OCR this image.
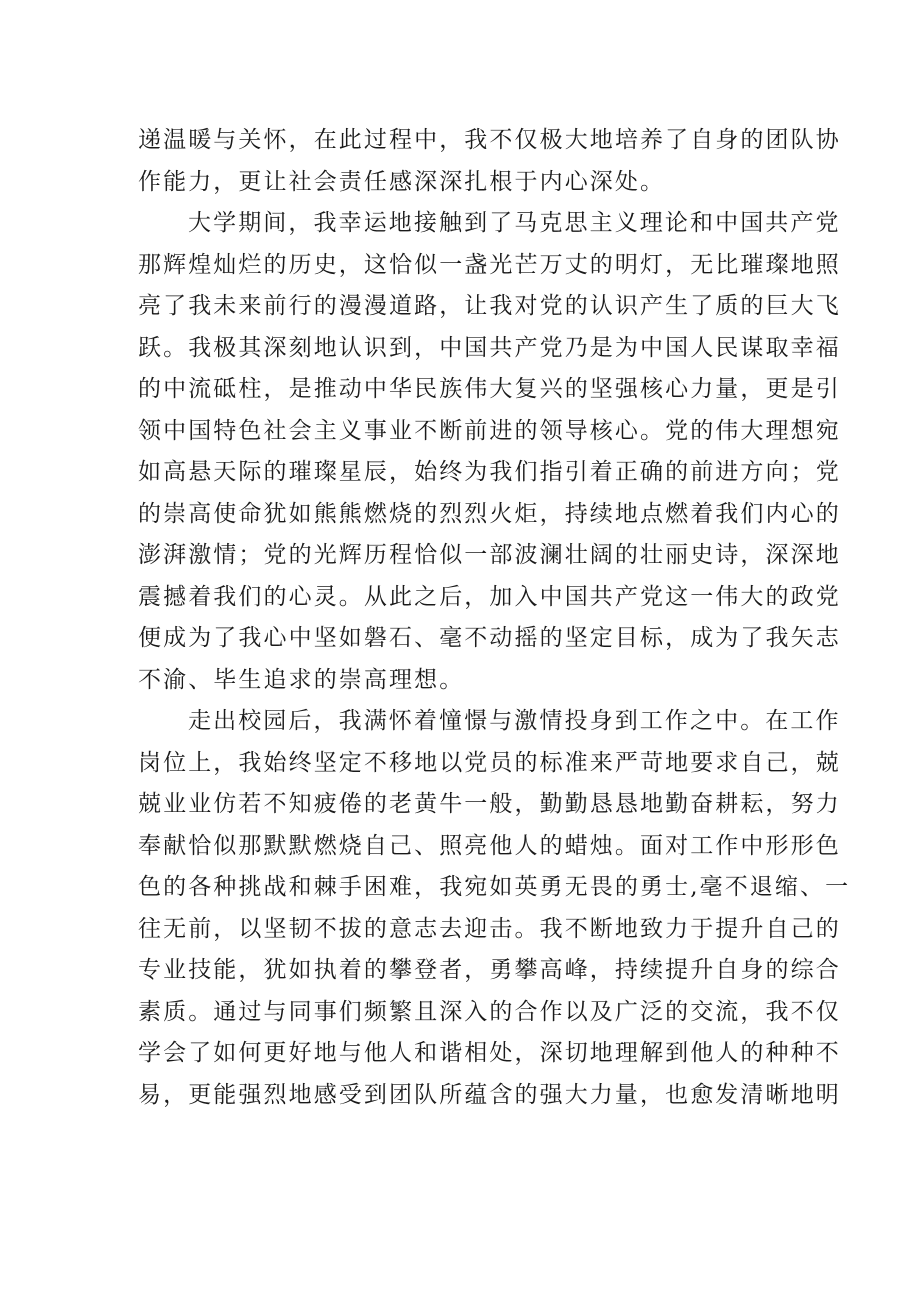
递温暖与关怀，在此过程中，我不仅极大地培养了自身的团队协
作能力，更让社会责任感深深扎根于内心深处。
大学期间，我幸运地接触到了马克思主义理论和中国共产党
那辉煌灿烂的历史，这恰似一盏光芒万丈的明灯，无比璀璨地照
亮了我未来前行的漫漫道路，让我对党的认识产生了质的巨大飞
跃。我极其深刻地认识到，中国共产党乃是为中国人民谋取幸福
的中流砥柱，是推动中华民族伟大复兴的坚强核心力量，更是引
领中国特色社会主义事业不断前进的领导核心。党的伟大理想宛
如高悬天际的璀璨星辰，始终为我们指引着正确的前进方向；党
的崇高使命犹如熊熊燃烧的烈烈火炬，持续地点燃着我们内心的
澎湃激情；党的光辉历程恰似一部波澜壮阔的壮丽史诗，深深地
震撼着我们的心灵。从此之后，加入中国共产党这一伟大的政党
便成为了我心中坚如磐石、毫不动摇的坚定目标，成为了我矢志
不渝、毕生追求的崇高理想。
走出校园后，我满怀着憧憬与激情投身到工作之中。在工作
岗位上，我始终坚定不移地以党员的标准来严苛地要求自己，兢
兢业业仿若不知疲倦的老黄牛一般，勤勤恳恳地勤奋耕耘，努力
奉献恰似那默默燃烧自己、照亮他人的蜡烛。面对工作中形形色
色的各种挑战和棘手困难，我宛如英勇无畏的勇士,毫不退缩、一
往无前，以坚韧不拔的意志去迎击。我不断地致力于提升自己的
专业技能，犹如执着的攀登者，勇攀高峰，持续提升自身的综合
素质。通过与同事们频繁且深入的合作以及广泛的交流，我不仅
学会了如何更好地与他人和谐相处，深切地理解到他人的种种不
易，更能强烈地感受到团队所蕴含的强大力量，也愈发清晰地明
